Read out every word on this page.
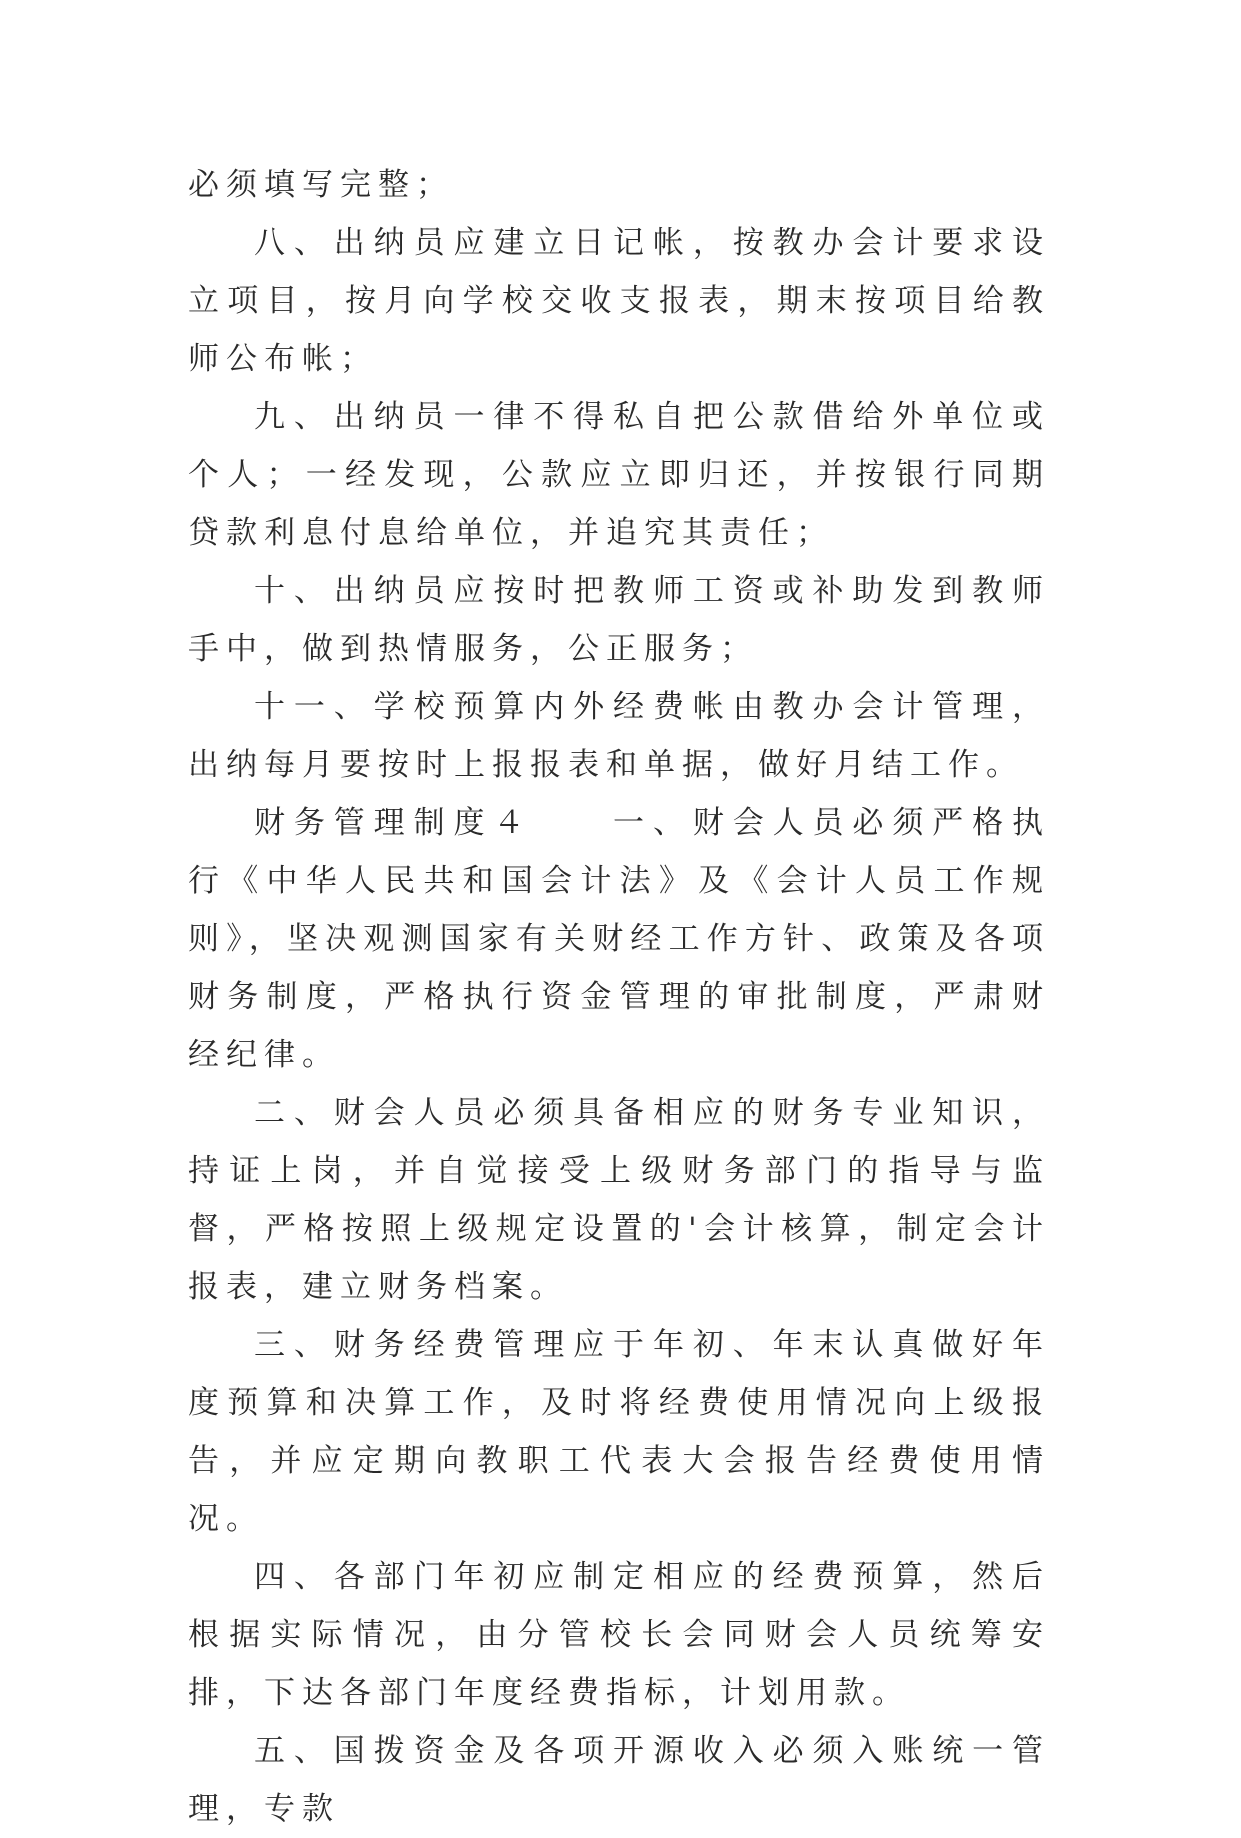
必须填写完整；

八、出纳员应建立日记帐，按教办会计要求设立项目，按月向学校交收支报表，期末按项目给教师公布帐；

九、出纳员一律不得私自把公款借给外单位或个人；一经发现，公款应立即归还，并按银行同期贷款利息付息给单位，并追究其责任；

十、出纳员应按时把教师工资或补助发到教师手中，做到热情服务，公正服务；

十一、学校预算内外经费帐由教办会计管理，出纳每月要按时上报报表和单据，做好月结工作。

财务管理制度４　　一、财会人员必须严格执行《中华人民共和国会计法》及《会计人员工作规则》，坚决观测国家有关财经工作方针、政策及各项财务制度，严格执行资金管理的审批制度，严肃财经纪律。

二、财会人员必须具备相应的财务专业知识，持证上岗，并自觉接受上级财务部门的指导与监督，严格按照上级规定设置的'会计核算，制定会计报表，建立财务档案。

三、财务经费管理应于年初、年末认真做好年度预算和决算工作，及时将经费使用情况向上级报告，并应定期向教职工代表大会报告经费使用情况。

四、各部门年初应制定相应的经费预算，然后根据实际情况，由分管校长会同财会人员统筹安排，下达各部门年度经费指标，计划用款。

五、国拨资金及各项开源收入必须入账统一管理，专款
